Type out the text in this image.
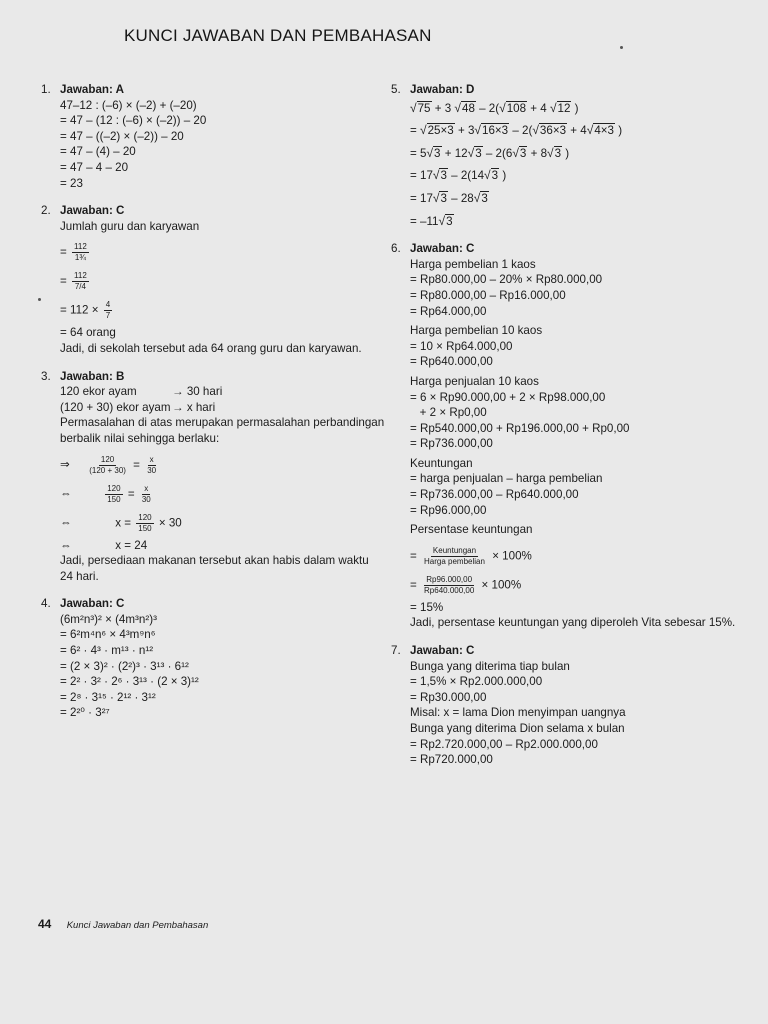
KUNCI JAWABAN DAN PEMBAHASAN
1. Jawaban: A
47–12 : (–6) × (–2) + (–20)
= 47 – (12 : (–6) × (–2)) – 20
= 47 – ((–2) × (–2)) – 20
= 47 – (4) – 20
= 47 – 4 – 20
= 23
2. Jawaban: C
Jumlah guru dan karyawan
= $\frac{112}{\text{1¾}}$
= $\frac{112}{7/4}$
= $112 \times \frac{4}{7}$
= 64 orang
Jadi, di sekolah tersebut ada 64 orang guru dan karyawan.
3. Jawaban: B
120 ekor ayam	→ 30 hari
(120 + 30) ekor ayam→ x hari
Permasalahan di atas merupakan permasalahan perbandingan
berbalik nilai sehingga berlaku:
⇒ $\frac{120}{(120 + 30)} = \frac{x}{30}$
⇔	$\frac{120}{150} = \frac{x}{30}$
⇔	$x = \frac{120}{150} \times 30$
⇔	x = 24
Jadi, persediaan makanan tersebut akan habis dalam waktu
24 hari.
4. Jawaban: C
(6m²n³)² × (4m³n²)³
= 6²m⁴n⁶ × 4³m⁹n⁶
= 6² · 4³ · m¹³ · n¹²
= (2 × 3)² · (2²)³ · 3¹³ · 6¹²
= 2² · 3² · 2⁶ · 3¹³ · (2 × 3)¹²
= 2⁸ · 3¹⁵ · 2¹² · 3¹²
= 2²⁰ · 3²⁷
5. Jawaban: D
√75 + 3 √48 – 2(√108 + 4 √12 )
= √25×3 + 3√16×3 – 2(√36×3 + 4√4×3 )
= 5√3 + 12√3 – 2(6√3 + 8√3 )
= 17√3 – 2(14√3 )
= 17√3 – 28√3
= –11√3
6. Jawaban: C
Harga pembelian 1 kaos
= Rp80.000,00 – 20% × Rp80.000,00
= Rp80.000,00 – Rp16.000,00
= Rp64.000,00
Harga pembelian 10 kaos
= 10 × Rp64.000,00
= Rp640.000,00
Harga penjualan 10 kaos
= 6 × Rp90.000,00 + 2 × Rp98.000,00
+ 2 × Rp0,00
= Rp540.000,00 + Rp196.000,00 + Rp0,00
= Rp736.000,00
Keuntungan
= harga penjualan – harga pembelian
= Rp736.000,00 – Rp640.000,00
= Rp96.000,00
Persentase keuntungan
= $\frac{\text{Keuntungan}}{\text{Harga pembelian}} \times 100\%$
= $\frac{Rp96.000,00}{Rp640.000,00} \times 100\%$
= 15%
Jadi, persentase keuntungan yang diperoleh Vita sebesar 15%.
7. Jawaban: C
Bunga yang diterima tiap bulan
= 1,5% × Rp2.000.000,00
= Rp30.000,00
Misal: x = lama Dion menyimpan uangnya
Bunga yang diterima Dion selama x bulan
= Rp2.720.000,00 – Rp2.000.000,00
= Rp720.000,00
44 Kunci Jawaban dan Pembahasan
